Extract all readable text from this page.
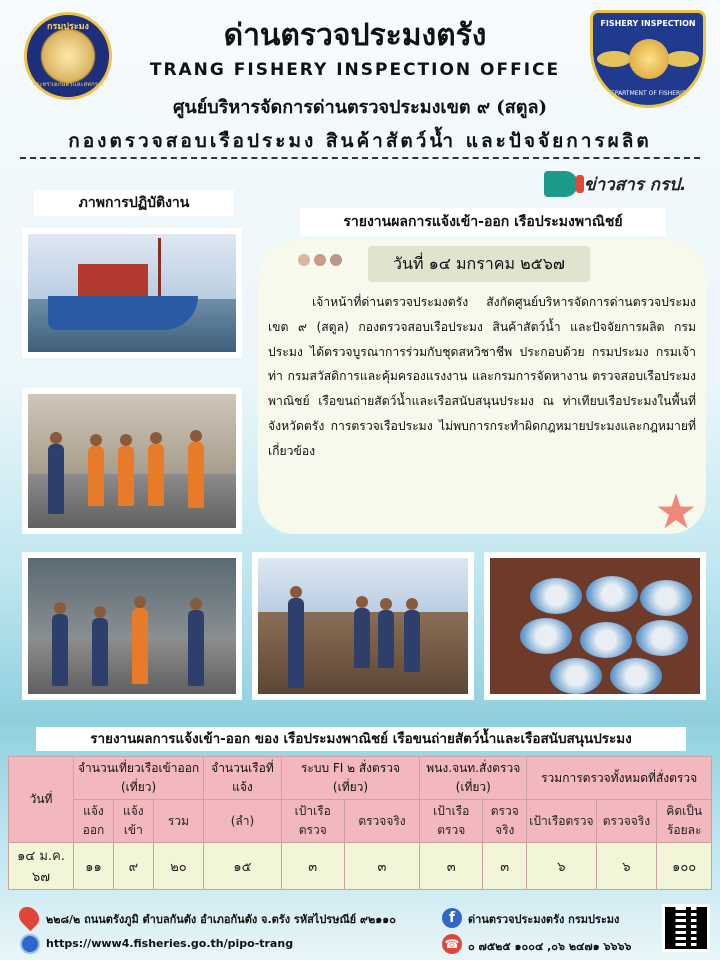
กรมประมง
กระทรวงเกษตรและสหกรณ์
FISHERY INSPECTION
DEPARTMENT OF FISHERIES
ด่านตรวจประมงตรัง
TRANG FISHERY INSPECTION OFFICE
ศูนย์บริหารจัดการด่านตรวจประมงเขต ๙ (สตูล)
กองตรวจสอบเรือประมง สินค้าสัตว์น้ำ และปัจจัยการผลิต
ข่าวสาร กรป.
ภาพการปฏิบัติงาน
รายงานผลการแจ้งเข้า-ออก เรือประมงพาณิชย์
วันที่ ๑๔ มกราคม ๒๕๖๗

เจ้าหน้าที่ด่านตรวจประมงตรัง สังกัดศูนย์บริหารจัดการด่านตรวจประมง เขต ๙ (สตูล) กองตรวจสอบเรือประมง สินค้าสัตว์น้ำ และปัจจัยการผลิต กรมประมง ได้ตรวจบูรณาการร่วมกับชุดสหวิชาชีพ ประกอบด้วย กรมประมง กรมเจ้าท่า กรมสวัสดิการและคุ้มครองแรงงาน และกรมการจัดหางาน ตรวจสอบเรือประมงพาณิชย์ เรือขนถ่ายสัตว์น้ำและเรือสนับสนุนประมง ณ ท่าเทียบเรือประมงในพื้นที่จังหวัดตรัง การตรวจเรือประมง ไม่พบการกระทำผิดกฎหมายประมงและกฎหมายที่เกี่ยวข้อง

★
รายงานผลการแจ้งเข้า-ออก ของ เรือประมงพาณิชย์ เรือขนถ่ายสัตว์น้ำและเรือสนับสนุนประมง
วันที่	จำนวนเที่ยวเรือเข้าออก (เที่ยว)			จำนวนเรือที่แจ้ง	ระบบ FI ๒ สั่งตรวจ (เที่ยว)		พนง.จนท.สั่งตรวจ (เที่ยว)		รวมการตรวจทั้งหมดที่สั่งตรวจ		
	แจ้งออก	แจ้งเข้า	รวม	(ลำ)	เป้าเรือตรวจ	ตรวจจริง	เป้าเรือตรวจ	ตรวจจริง	เป้าเรือตรวจ	ตรวจจริง	คิดเป็นร้อยละ
๑๔ ม.ค. ๖๗	๑๑	๙	๒๐	๑๕	๓	๓	๓	๓	๖	๖	๑๐๐
๒๒๘/๒ ถนนตรังภูมิ ตำบลกันตัง อำเภอกันตัง จ.ตรัง รหัสไปรษณีย์ ๙๒๑๑๐	f	ด่านตรวจประมงตรัง กรมประมง
https://www4.fisheries.go.th/pipo-trang	☎ ๐ ๗๕๒๕ ๑๐๐๔ ,๐๖ ๒๔๗๑ ๖๖๖๖
